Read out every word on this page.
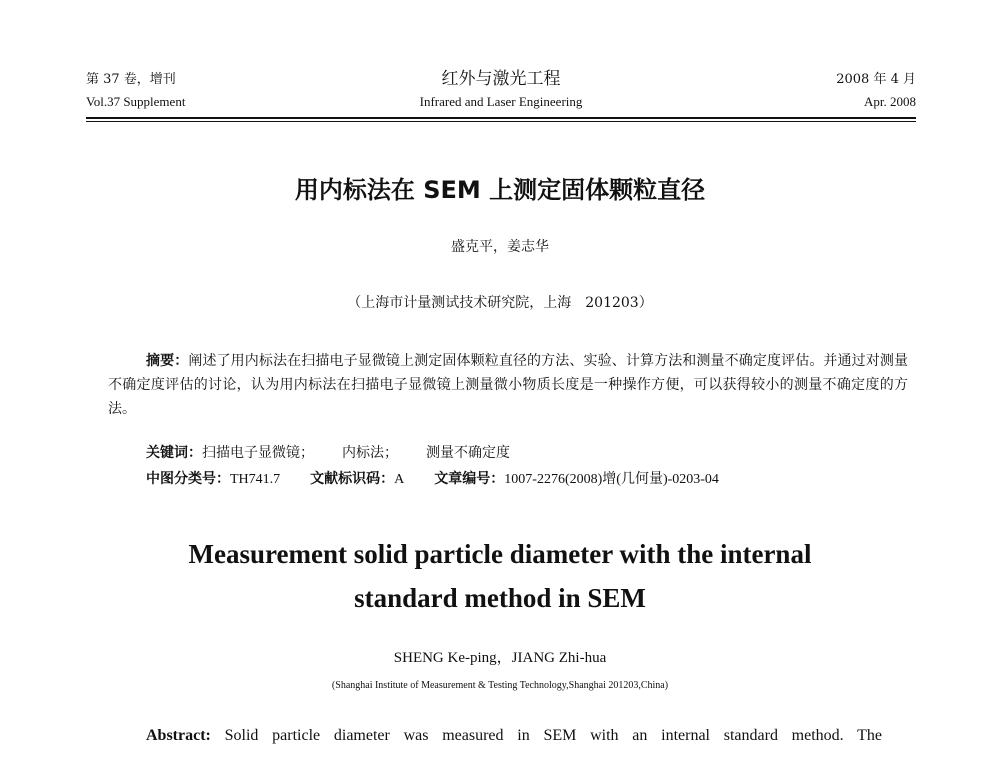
第 37 卷，增刊
Vol.37 Supplement
红外与激光工程
Infrared and Laser Engineering
2008 年 4 月
Apr. 2008
用内标法在 SEM 上测定固体颗粒直径
盛克平，姜志华
（上海市计量测试技术研究院，上海　201203）
摘要：阐述了用内标法在扫描电子显微镜上测定固体颗粒直径的方法、实验、计算方法和测量不确定度评估。并通过对测量不确定度评估的讨论，认为用内标法在扫描电子显微镜上测量微小物质长度是一种操作方便，可以获得较小的测量不确定度的方法。
关键词：扫描电子显微镜； 内标法； 测量不确定度
中图分类号：TH741.7 文献标识码：A 文章编号：1007-2276(2008)增(几何量)-0203-04
Measurement solid particle diameter with the internal
standard method in SEM
SHENG Ke-ping，JIANG Zhi-hua
(Shanghai Institute of Measurement & Testing Technology,Shanghai 201203,China)
Abstract: Solid particle diameter was measured in SEM with an internal standard method. The
